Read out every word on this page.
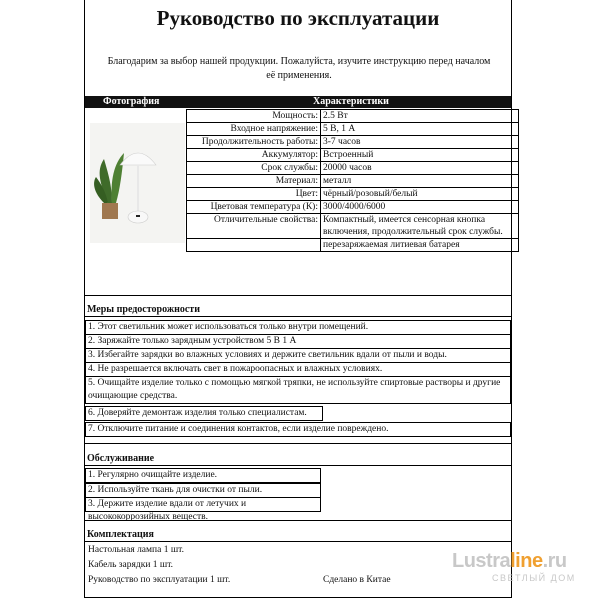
Руководство по эксплуатации
Благодарим за выбор нашей продукции. Пожалуйста, изучите инструкцию перед началом её применения.
Фотография	Характеристики
Мощность:	2.5 Вт
Входное напряжение:	5 В, 1 А
Продолжительность работы:	3-7 часов
Аккумулятор:	Встроенный
Срок службы:	20000 часов
Материал:	металл
Цвет:	чёрный/розовый/белый
Цветовая температура (К):	3000/4000/6000
Отличительные свойства:	Компактный, имеется сенсорная кнопка включения, продолжительный срок службы.
	перезаряжаемая литиевая батарея
Меры предосторожности
1. Этот светильник может использоваться только внутри помещений.
2. Заряжайте только зарядным устройством 5 В 1 А
3. Избегайте зарядки во влажных условиях и держите светильник вдали от пыли и воды.
4. Не разрешается включать свет в пожароопасных и влажных условиях.
5. Очищайте изделие только с помощью мягкой тряпки, не используйте спиртовые растворы и другие очищающие средства.
6. Доверяйте демонтаж изделия только специалистам.
7. Отключите питание и соединения контактов, если изделие повреждено.
Обслуживание
1. Регулярно очищайте изделие.
2. Используйте ткань для очистки от пыли.
3. Держите изделие вдали от летучих и высококоррозийных веществ.
Комплектация
Настольная лампа 1 шт.
Кабель зарядки 1 шт.
Руководство по эксплуатации 1 шт.	Сделано в Китае
Lustraline.ru
СВЕТЛЫЙ ДОМ
